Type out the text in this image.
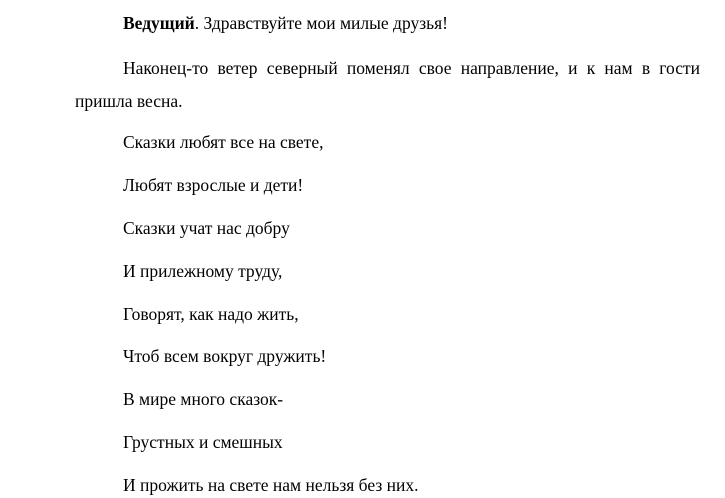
Ведущий. Здравствуйте мои милые друзья!
Наконец-то ветер северный поменял свое направление, и к нам в гости
пришла весна.
Сказки любят все на свете,
Любят взрослые и дети!
Сказки учат нас добру
И прилежному труду,
Говорят, как надо жить,
Чтоб всем вокруг дружить!
В мире много сказок-
Грустных и смешных
И прожить на свете нам нельзя без них.
